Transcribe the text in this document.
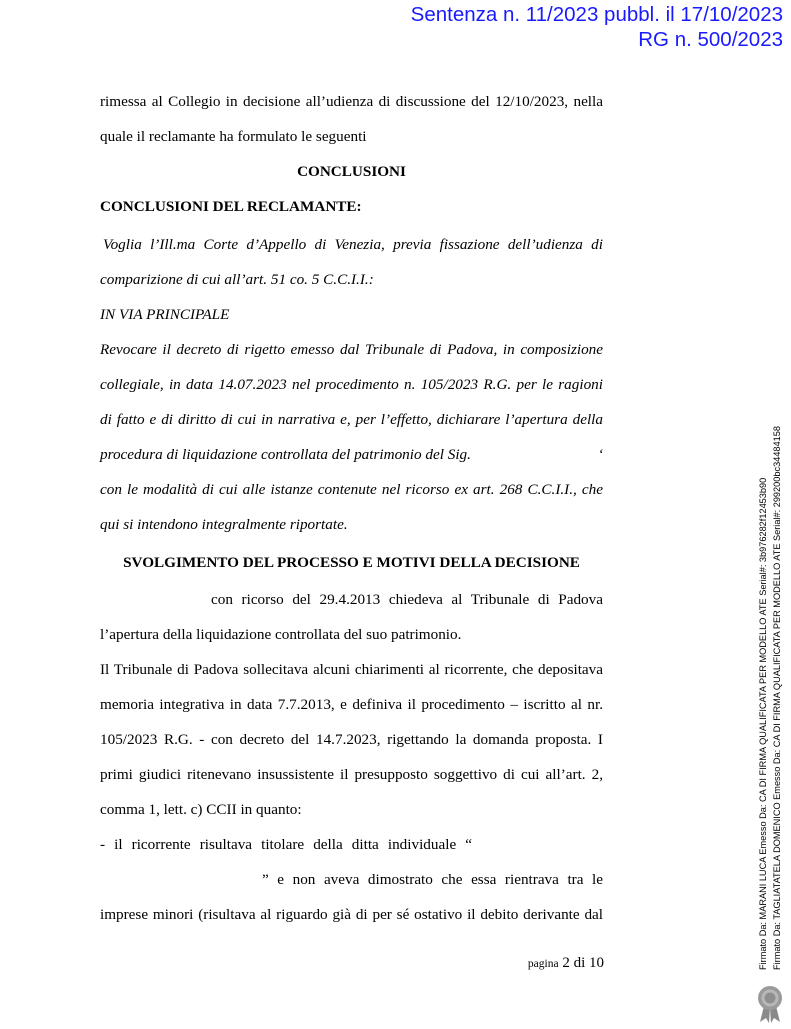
Sentenza n. 11/2023 pubbl. il 17/10/2023
RG n. 500/2023

rimessa al Collegio in decisione all’udienza di discussione del 12/10/2023, nella

quale il reclamante ha formulato le seguenti

CONCLUSIONI
CONCLUSIONI DEL RECLAMANTE:

Voglia l’Ill.ma Corte d’Appello di Venezia, previa fissazione dell’udienza di

comparizione di cui all’art. 51 co. 5 C.C.I.I.:

IN VIA PRINCIPALE

Revocare il decreto di rigetto emesso dal Tribunale di Padova, in composizione

collegiale, in data 14.07.2023 nel procedimento n. 105/2023 R.G. per le ragioni

di fatto e di diritto di cui in narrativa e, per l’effetto, dichiarare l’apertura della

procedura di liquidazione controllata del patrimonio del Sig.	‘

con le modalità di cui alle istanze contenute nel ricorso ex art. 268 C.C.I.I., che

qui si intendono integralmente riportate.

SVOLGIMENTO DEL PROCESSO E MOTIVI DELLA DECISIONE

con ricorso del 29.4.2013 chiedeva al Tribunale di Padova

l’apertura della liquidazione controllata del suo patrimonio.

Il Tribunale di Padova sollecitava alcuni chiarimenti al ricorrente, che depositava

memoria integrativa in data 7.7.2013, e definiva il procedimento – iscritto al nr.

105/2023 R.G. - con decreto del 14.7.2023, rigettando la domanda proposta. I

primi giudici ritenevano insussistente il presupposto soggettivo di cui all’art. 2,

comma 1, lett. c) CCII in quanto:

- il ricorrente risultava titolare della ditta individuale “

” e non aveva dimostrato che essa rientrava tra le

imprese minori (risultava al riguardo già di per sé ostativo il debito derivante dal

pagina 2 di 10	Firmato Da: MARANI LUCA Emesso Da: CA DI FIRMA QUALIFICATA PER MODELLO ATE Serial#: 3b976282f12453b90 Firmato Da: TAGLIATATELA DOMENICO Emesso Da: CA DI FIRMA QUALIFICATA PER MODELLO ATE Serial#: 299200bc34484158
